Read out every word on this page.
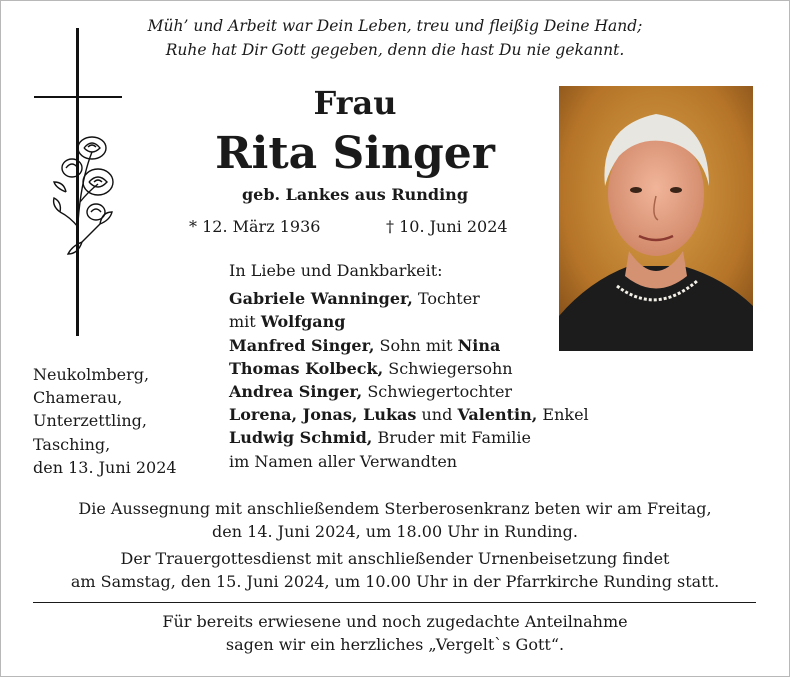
Müh’ und Arbeit war Dein Leben, treu und fleißig Deine Hand;
Ruhe hat Dir Gott gegeben, denn die hast Du nie gekannt.
Frau
Rita Singer
geb. Lankes aus Runding
* 12. März 1936	† 10. Juni 2024
In Liebe und Dankbarkeit:
Gabriele Wanninger, Tochter
mit Wolfgang
Manfred Singer, Sohn mit Nina
Thomas Kolbeck, Schwiegersohn
Andrea Singer, Schwiegertochter
Lorena, Jonas, Lukas und Valentin, Enkel
Ludwig Schmid, Bruder mit Familie
im Namen aller Verwandten
Neukolmberg,
Chamerau,
Unterzettling,
Tasching,
den 13. Juni 2024
Die Aussegnung mit anschließendem Sterberosenkranz beten wir am Freitag,
den 14. Juni 2024, um 18.00 Uhr in Runding.
Der Trauergottesdienst mit anschließender Urnenbeisetzung findet
am Samstag, den 15. Juni 2024, um 10.00 Uhr in der Pfarrkirche Runding statt.
Für bereits erwiesene und noch zugedachte Anteilnahme
sagen wir ein herzliches „Vergelt`s Gott“.
